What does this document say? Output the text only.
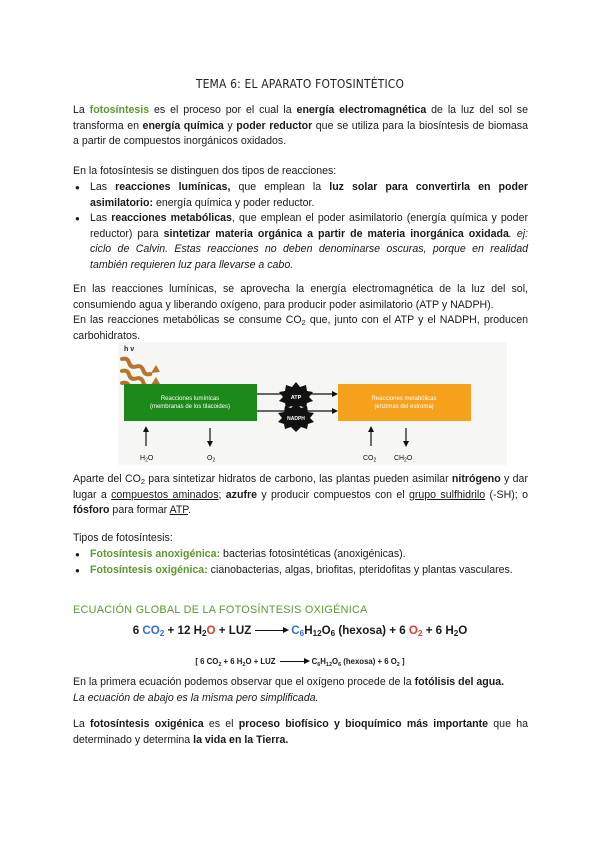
TEMA 6: EL APARATO FOTOSINTÉTICO

La fotosíntesis es el proceso por el cual la energía electromagnética de la luz del sol se transforma en energía química y poder reductor que se utiliza para la biosíntesis de biomasa a partir de compuestos inorgánicos oxidados.

En la fotosíntesis se distinguen dos tipos de reacciones:

● Las reacciones lumínicas, que emplean la luz solar para convertirla en poder asimilatorio: energía química y poder reductor.
● Las reacciones metabólicas, que emplean el poder asimilatorio (energía química y poder reductor) para sintetizar materia orgánica a partir de materia inorgánica oxidada. ej: ciclo de Calvin. Estas reacciones no deben denominarse oscuras, porque en realidad también requieren luz para llevarse a cabo.

En las reacciones lumínicas, se aprovecha la energía electromagnética de la luz del sol, consumiendo agua y liberando oxígeno, para producir poder asimilatorio (ATP y NADPH).

En las reacciones metabólicas se consume $CO_2$ que, junto con el ATP y el NADPH, producen carbohidratos.

h ν
Reacciones lumínicas
(membranas de los tilacoides)
Reacciones metabólicas
(enzimas del estroma)
ATP
NADPH
$H_2O$	$O_2$	$CO_2$	$CH_2O$

Aparte del $CO_2$ para sintetizar hidratos de carbono, las plantas pueden asimilar nitrógeno y dar lugar a compuestos aminados; azufre y producir compuestos con el grupo sulfhidrilo (-SH); o fósforo para formar ATP.

Tipos de fotosíntesis:

● Fotosíntesis anoxigénica: bacterias fotosintéticas (anoxigénicas).
● Fotosíntesis oxigénica: cianobacterias, algas, briofitas, pteridofitas y plantas vasculares.
ECUACIÓN GLOBAL DE LA FOTOSÍNTESIS OXIGÉNICA
6 $CO_2 + 12$ $H_2O$ + LUZ → $C_6H_{12}O_6$ (hexosa) + 6 $O_2 + 6$ $H_2O$
[ 6 $CO_2 + 6$ $H_2O$ + LUZ → $C_6H_{12}O_6$ (hexosa) + 6 $O_2$ ]

En la primera ecuación podemos observar que el oxígeno procede de la fotólisis del agua.
La ecuación de abajo es la misma pero simplificada.

La fotosíntesis oxigénica es el proceso biofísico y bioquímico más importante que ha determinado y determina la vida en la Tierra.
